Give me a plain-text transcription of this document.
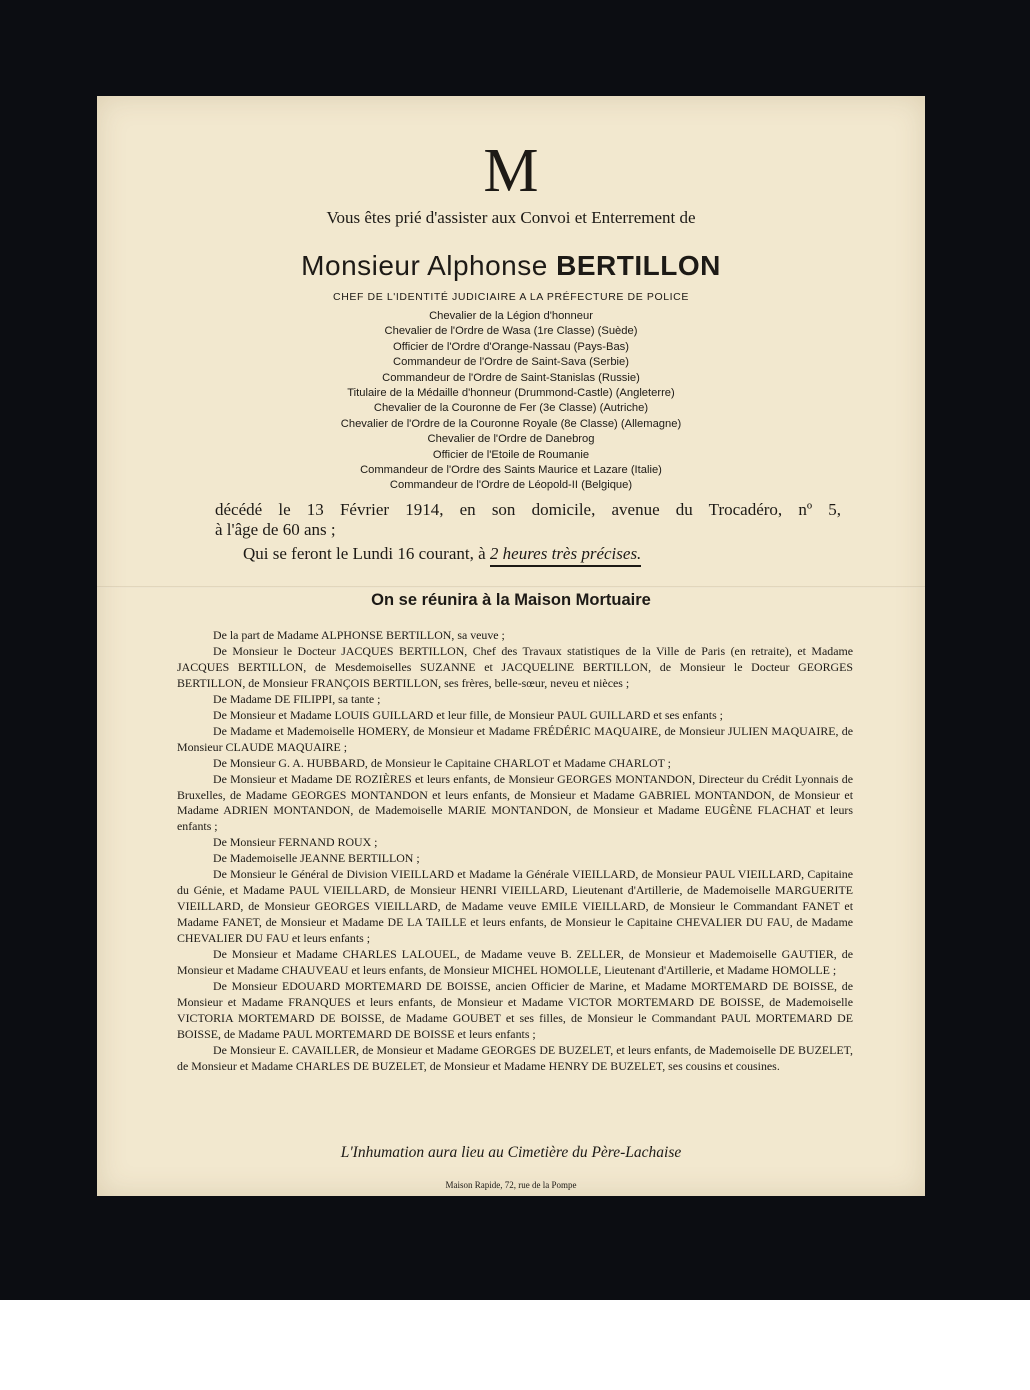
M
Vous êtes prié d'assister aux Convoi et Enterrement de
Monsieur Alphonse BERTILLON
CHEF DE L'IDENTITÉ JUDICIAIRE A LA PRÉFECTURE DE POLICE
Chevalier de la Légion d'honneur
Chevalier de l'Ordre de Wasa (1re Classe) (Suède)
Officier de l'Ordre d'Orange-Nassau (Pays-Bas)
Commandeur de l'Ordre de Saint-Sava (Serbie)
Commandeur de l'Ordre de Saint-Stanislas (Russie)
Titulaire de la Médaille d'honneur (Drummond-Castle) (Angleterre)
Chevalier de la Couronne de Fer (3e Classe) (Autriche)
Chevalier de l'Ordre de la Couronne Royale (8e Classe) (Allemagne)
Chevalier de l'Ordre de Danebrog
Officier de l'Etoile de Roumanie
Commandeur de l'Ordre des Saints Maurice et Lazare (Italie)
Commandeur de l'Ordre de Léopold-II (Belgique)
décédé le 13 Février 1914, en son domicile, avenue du Trocadéro, nº 5,
à l'âge de 60 ans ;
Qui se feront le Lundi 16 courant, à 2 heures très précises.
On se réunira à la Maison Mortuaire

De la part de Madame ALPHONSE BERTILLON, sa veuve ;

De Monsieur le Docteur JACQUES BERTILLON, Chef des Travaux statistiques de la Ville de Paris (en retraite), et Madame JACQUES BERTILLON, de Mesdemoiselles SUZANNE et JACQUELINE BERTILLON, de Monsieur le Docteur GEORGES BERTILLON, de Monsieur FRANÇOIS BERTILLON, ses frères, belle-sœur, neveu et nièces ;

De Madame DE FILIPPI, sa tante ;

De Monsieur et Madame LOUIS GUILLARD et leur fille, de Monsieur PAUL GUILLARD et ses enfants ;

De Madame et Mademoiselle HOMERY, de Monsieur et Madame FRÉDÉRIC MAQUAIRE, de Monsieur JULIEN MAQUAIRE, de Monsieur CLAUDE MAQUAIRE ;

De Monsieur G. A. HUBBARD, de Monsieur le Capitaine CHARLOT et Madame CHARLOT ;

De Monsieur et Madame DE ROZIÈRES et leurs enfants, de Monsieur GEORGES MONTANDON, Directeur du Crédit Lyonnais de Bruxelles, de Madame GEORGES MONTANDON et leurs enfants, de Monsieur et Madame GABRIEL MONTANDON, de Monsieur et Madame ADRIEN MONTANDON, de Mademoiselle MARIE MONTANDON, de Monsieur et Madame EUGÈNE FLACHAT et leurs enfants ;

De Monsieur FERNAND ROUX ;

De Mademoiselle JEANNE BERTILLON ;

De Monsieur le Général de Division VIEILLARD et Madame la Générale VIEILLARD, de Monsieur PAUL VIEILLARD, Capitaine du Génie, et Madame PAUL VIEILLARD, de Monsieur HENRI VIEILLARD, Lieutenant d'Artillerie, de Mademoiselle MARGUERITE VIEILLARD, de Monsieur GEORGES VIEILLARD, de Madame veuve EMILE VIEILLARD, de Monsieur le Commandant FANET et Madame FANET, de Monsieur et Madame DE LA TAILLE et leurs enfants, de Monsieur le Capitaine CHEVALIER DU FAU, de Madame CHEVALIER DU FAU et leurs enfants ;

De Monsieur et Madame CHARLES LALOUEL, de Madame veuve B. ZELLER, de Monsieur et Mademoiselle GAUTIER, de Monsieur et Madame CHAUVEAU et leurs enfants, de Monsieur MICHEL HOMOLLE, Lieutenant d'Artillerie, et Madame HOMOLLE ;

De Monsieur EDOUARD MORTEMARD DE BOISSE, ancien Officier de Marine, et Madame MORTEMARD DE BOISSE, de Monsieur et Madame FRANQUES et leurs enfants, de Monsieur et Madame VICTOR MORTEMARD DE BOISSE, de Mademoiselle VICTORIA MORTEMARD DE BOISSE, de Madame GOUBET et ses filles, de Monsieur le Commandant PAUL MORTEMARD DE BOISSE, de Madame PAUL MORTEMARD DE BOISSE et leurs enfants ;

De Monsieur E. CAVAILLER, de Monsieur et Madame GEORGES DE BUZELET, et leurs enfants, de Mademoiselle DE BUZELET, de Monsieur et Madame CHARLES DE BUZELET, de Monsieur et Madame HENRY DE BUZELET, ses cousins et cousines.

L'Inhumation aura lieu au Cimetière du Père-Lachaise
Maison Rapide, 72, rue de la Pompe
